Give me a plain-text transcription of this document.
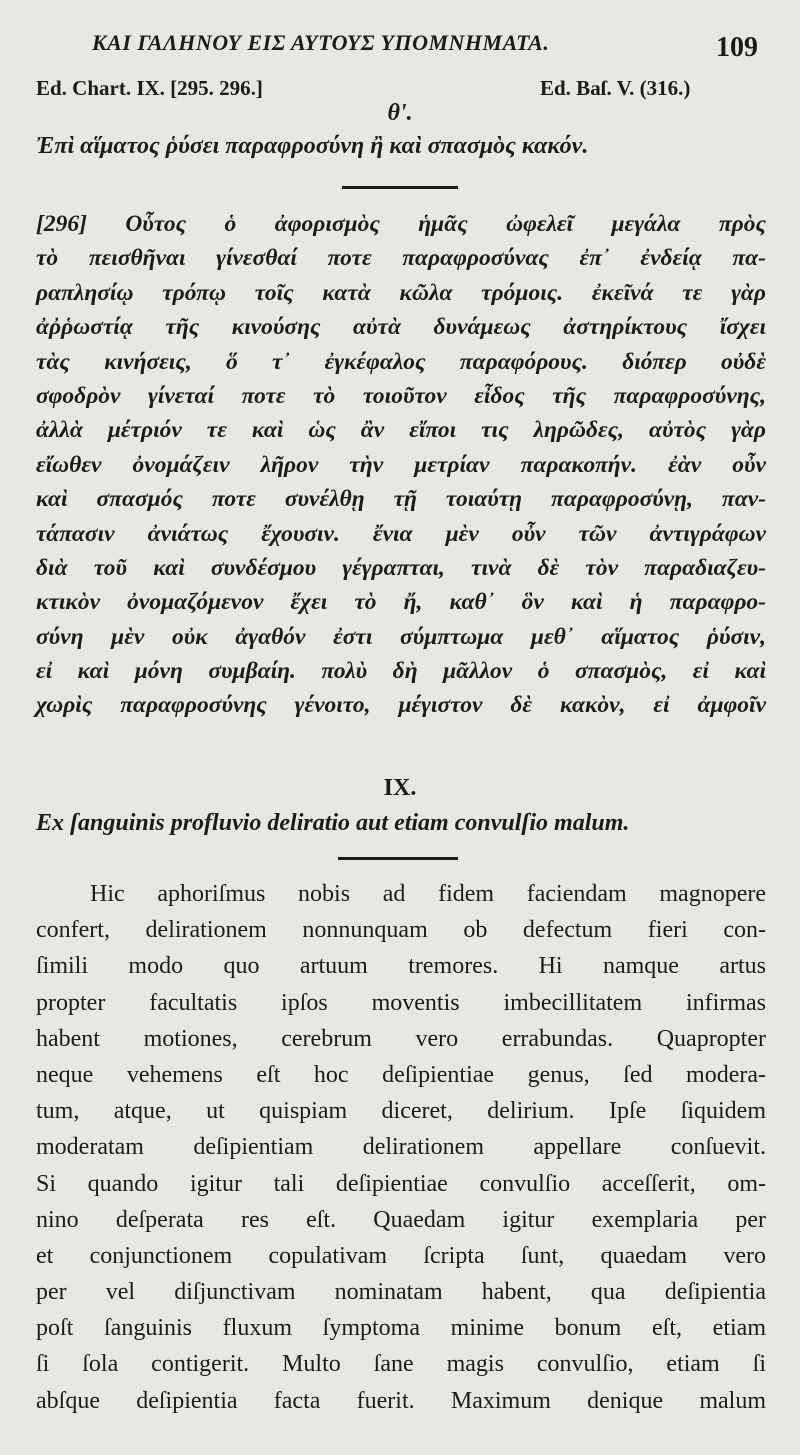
ΚΑΙ ΓΑΛΗΝΟΥ ΕΙΣ ΑΥΤΟΥΣ ΥΠΟΜΝΗΜΑΤΑ.	109
Ed. Chart. IX. [295. 296.]	Ed. Baſ. V. (316.)
θ'.
Ἐπὶ αἵματος ῥύσει παραφροσύνη ἢ καὶ σπασμὸς κακόν.
[296] Οὗτος ὁ ἀφορισμὸς ἡμᾶς ὠφελεῖ μεγάλα πρὸς
τὸ πεισθῆναι γίνεσθαί ποτε παραφροσύνας ἐπ᾽ ἐνδείᾳ πα-
ραπλησίῳ τρόπῳ τοῖς κατὰ κῶλα τρόμοις. ἐκεῖνά τε γὰρ
ἀῤῥωστίᾳ τῆς κινούσης αὐτὰ δυνάμεως ἀστηρίκτους ἴσχει
τὰς κινήσεις, ὅ τ᾽ ἐγκέφαλος παραφόρους. διόπερ οὐδὲ
σφοδρὸν γίνεταί ποτε τὸ τοιοῦτον εἶδος τῆς παραφροσύνης,
ἀλλὰ μέτριόν τε καὶ ὡς ἂν εἴποι τις ληρῶδες, αὐτὸς γὰρ
εἴωθεν ὀνομάζειν λῆρον τὴν μετρίαν παρακοπήν. ἐὰν οὖν
καὶ σπασμός ποτε συνέλθῃ τῇ τοιαύτῃ παραφροσύνῃ, παν-
τάπασιν ἀνιάτως ἔχουσιν. ἔνια μὲν οὖν τῶν ἀντιγράφων
διὰ τοῦ καὶ συνδέσμου γέγραπται, τινὰ δὲ τὸν παραδιαζευ-
κτικὸν ὀνομαζόμενον ἔχει τὸ ἤ, καθ᾽ ὃν καὶ ἡ παραφρο-
σύνη μὲν οὐκ ἀγαθόν ἐστι σύμπτωμα μεθ᾽ αἵματος ῥύσιν,
εἰ καὶ μόνη συμβαίη. πολὺ δὴ μᾶλλον ὁ σπασμὸς, εἰ καὶ
χωρὶς παραφροσύνης γένοιτο, μέγιστον δὲ κακὸν, εἰ ἀμφοῖν
IX.
Ex ſanguinis profluvio deliratio aut etiam convulſio malum.
Hic aphoriſmus nobis ad fidem faciendam magnopere
confert, delirationem nonnunquam ob defectum fieri con-
ſimili modo quo artuum tremores. Hi namque artus
propter facultatis ipſos moventis imbecillitatem infirmas
habent motiones, cerebrum vero errabundas. Quapropter
neque vehemens eſt hoc deſipientiae genus, ſed modera-
tum, atque, ut quispiam diceret, delirium. Ipſe ſiquidem
moderatam deſipientiam delirationem appellare conſuevit.
Si quando igitur tali deſipientiae convulſio acceſſerit, om-
nino deſperata res eſt. Quaedam igitur exemplaria per
et conjunctionem copulativam ſcripta ſunt, quaedam vero
per vel diſjunctivam nominatam habent, qua deſipientia
poſt ſanguinis fluxum ſymptoma minime bonum eſt, etiam
ſi ſola contigerit. Multo ſane magis convulſio, etiam ſi
abſque deſipientia facta fuerit. Maximum denique malum
